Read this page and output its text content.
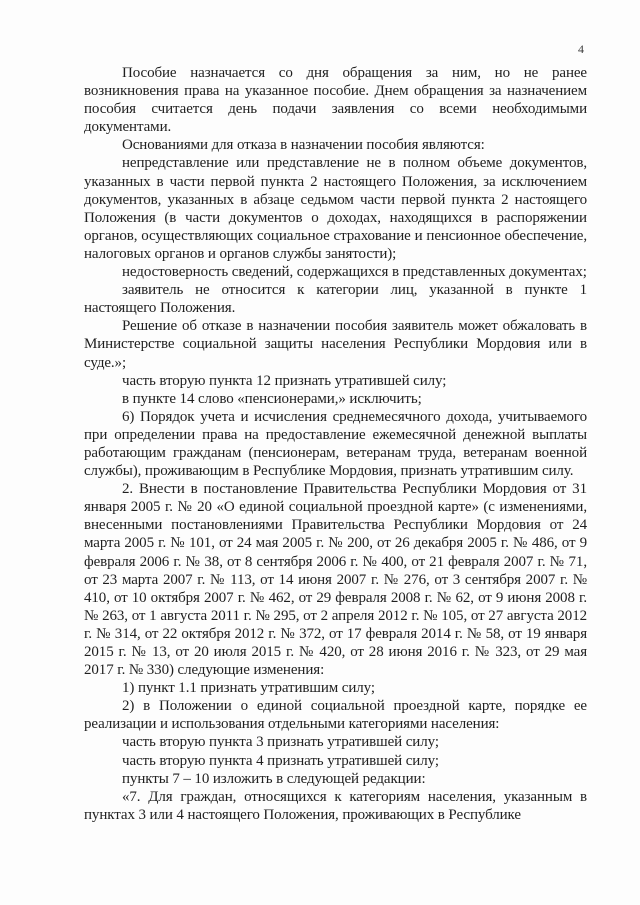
4

Пособие назначается со дня обращения за ним, но не ранее возникновения права на указанное пособие. Днем обращения за назначением пособия считается день подачи заявления со всеми необходимыми документами.

Основаниями для отказа в назначении пособия являются:

непредставление или представление не в полном объеме документов, указанных в части первой пункта 2 настоящего Положения, за исключением документов, указанных в абзаце седьмом части первой пункта 2 настоящего Положения (в части документов о доходах, находящихся в распоряжении органов, осуществляющих социальное страхование и пенсионное обеспечение, налоговых органов и органов службы занятости);

недостоверность сведений, содержащихся в представленных документах;

заявитель не относится к категории лиц, указанной в пункте 1 настоящего Положения.

Решение об отказе в назначении пособия заявитель может обжаловать в Министерстве социальной защиты населения Республики Мордовия или в суде.»;

часть вторую пункта 12 признать утратившей силу;

в пункте 14 слово «пенсионерами,» исключить;

6) Порядок учета и исчисления среднемесячного дохода, учитываемого при определении права на предоставление ежемесячной денежной выплаты работающим гражданам (пенсионерам, ветеранам труда, ветеранам военной службы), проживающим в Республике Мордовия, признать утратившим силу.

2. Внести в постановление Правительства Республики Мордовия от 31 января 2005 г. № 20 «О единой социальной проездной карте» (с изменениями, внесенными постановлениями Правительства Республики Мордовия от 24 марта 2005 г. № 101, от 24 мая 2005 г. № 200, от 26 декабря 2005 г. № 486, от 9 февраля 2006 г. № 38, от 8 сентября 2006 г. № 400, от 21 февраля 2007 г. № 71, от 23 марта 2007 г. № 113, от 14 июня 2007 г. № 276, от 3 сентября 2007 г. № 410, от 10 октября 2007 г. № 462, от 29 февраля 2008 г. № 62, от 9 июня 2008 г. № 263, от 1 августа 2011 г. № 295, от 2 апреля 2012 г. № 105, от 27 августа 2012 г. № 314, от 22 октября 2012 г. № 372, от 17 февраля 2014 г. № 58, от 19 января 2015 г. № 13, от 20 июля 2015 г. № 420, от 28 июня 2016 г. № 323, от 29 мая 2017 г. № 330) следующие изменения:

1) пункт 1.1 признать утратившим силу;

2) в Положении о единой социальной проездной карте, порядке ее реализации и использования отдельными категориями населения:

часть вторую пункта 3 признать утратившей силу;

часть вторую пункта 4 признать утратившей силу;

пункты 7 – 10 изложить в следующей редакции:

«7. Для граждан, относящихся к категориям населения, указанным в пунктах 3 или 4 настоящего Положения, проживающих в Республике
